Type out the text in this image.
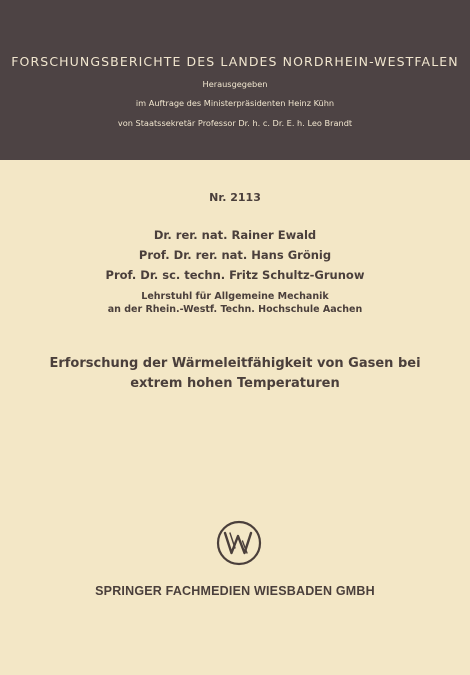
FORSCHUNGSBERICHTE DES LANDES NORDRHEIN-WESTFALEN
Herausgegeben
im Auftrage des Ministerpräsidenten Heinz Kühn
von Staatssekretär Professor Dr. h. c. Dr. E. h. Leo Brandt
Nr. 2113
Dr. rer. nat. Rainer Ewald
Prof. Dr. rer. nat. Hans Grönig
Prof. Dr. sc. techn. Fritz Schultz-Grunow
Lehrstuhl für Allgemeine Mechanik
an der Rhein.-Westf. Techn. Hochschule Aachen
Erforschung der Wärmeleitfähigkeit von Gasen bei
extrem hohen Temperaturen
SPRINGER FACHMEDIEN WIESBADEN GMBH
